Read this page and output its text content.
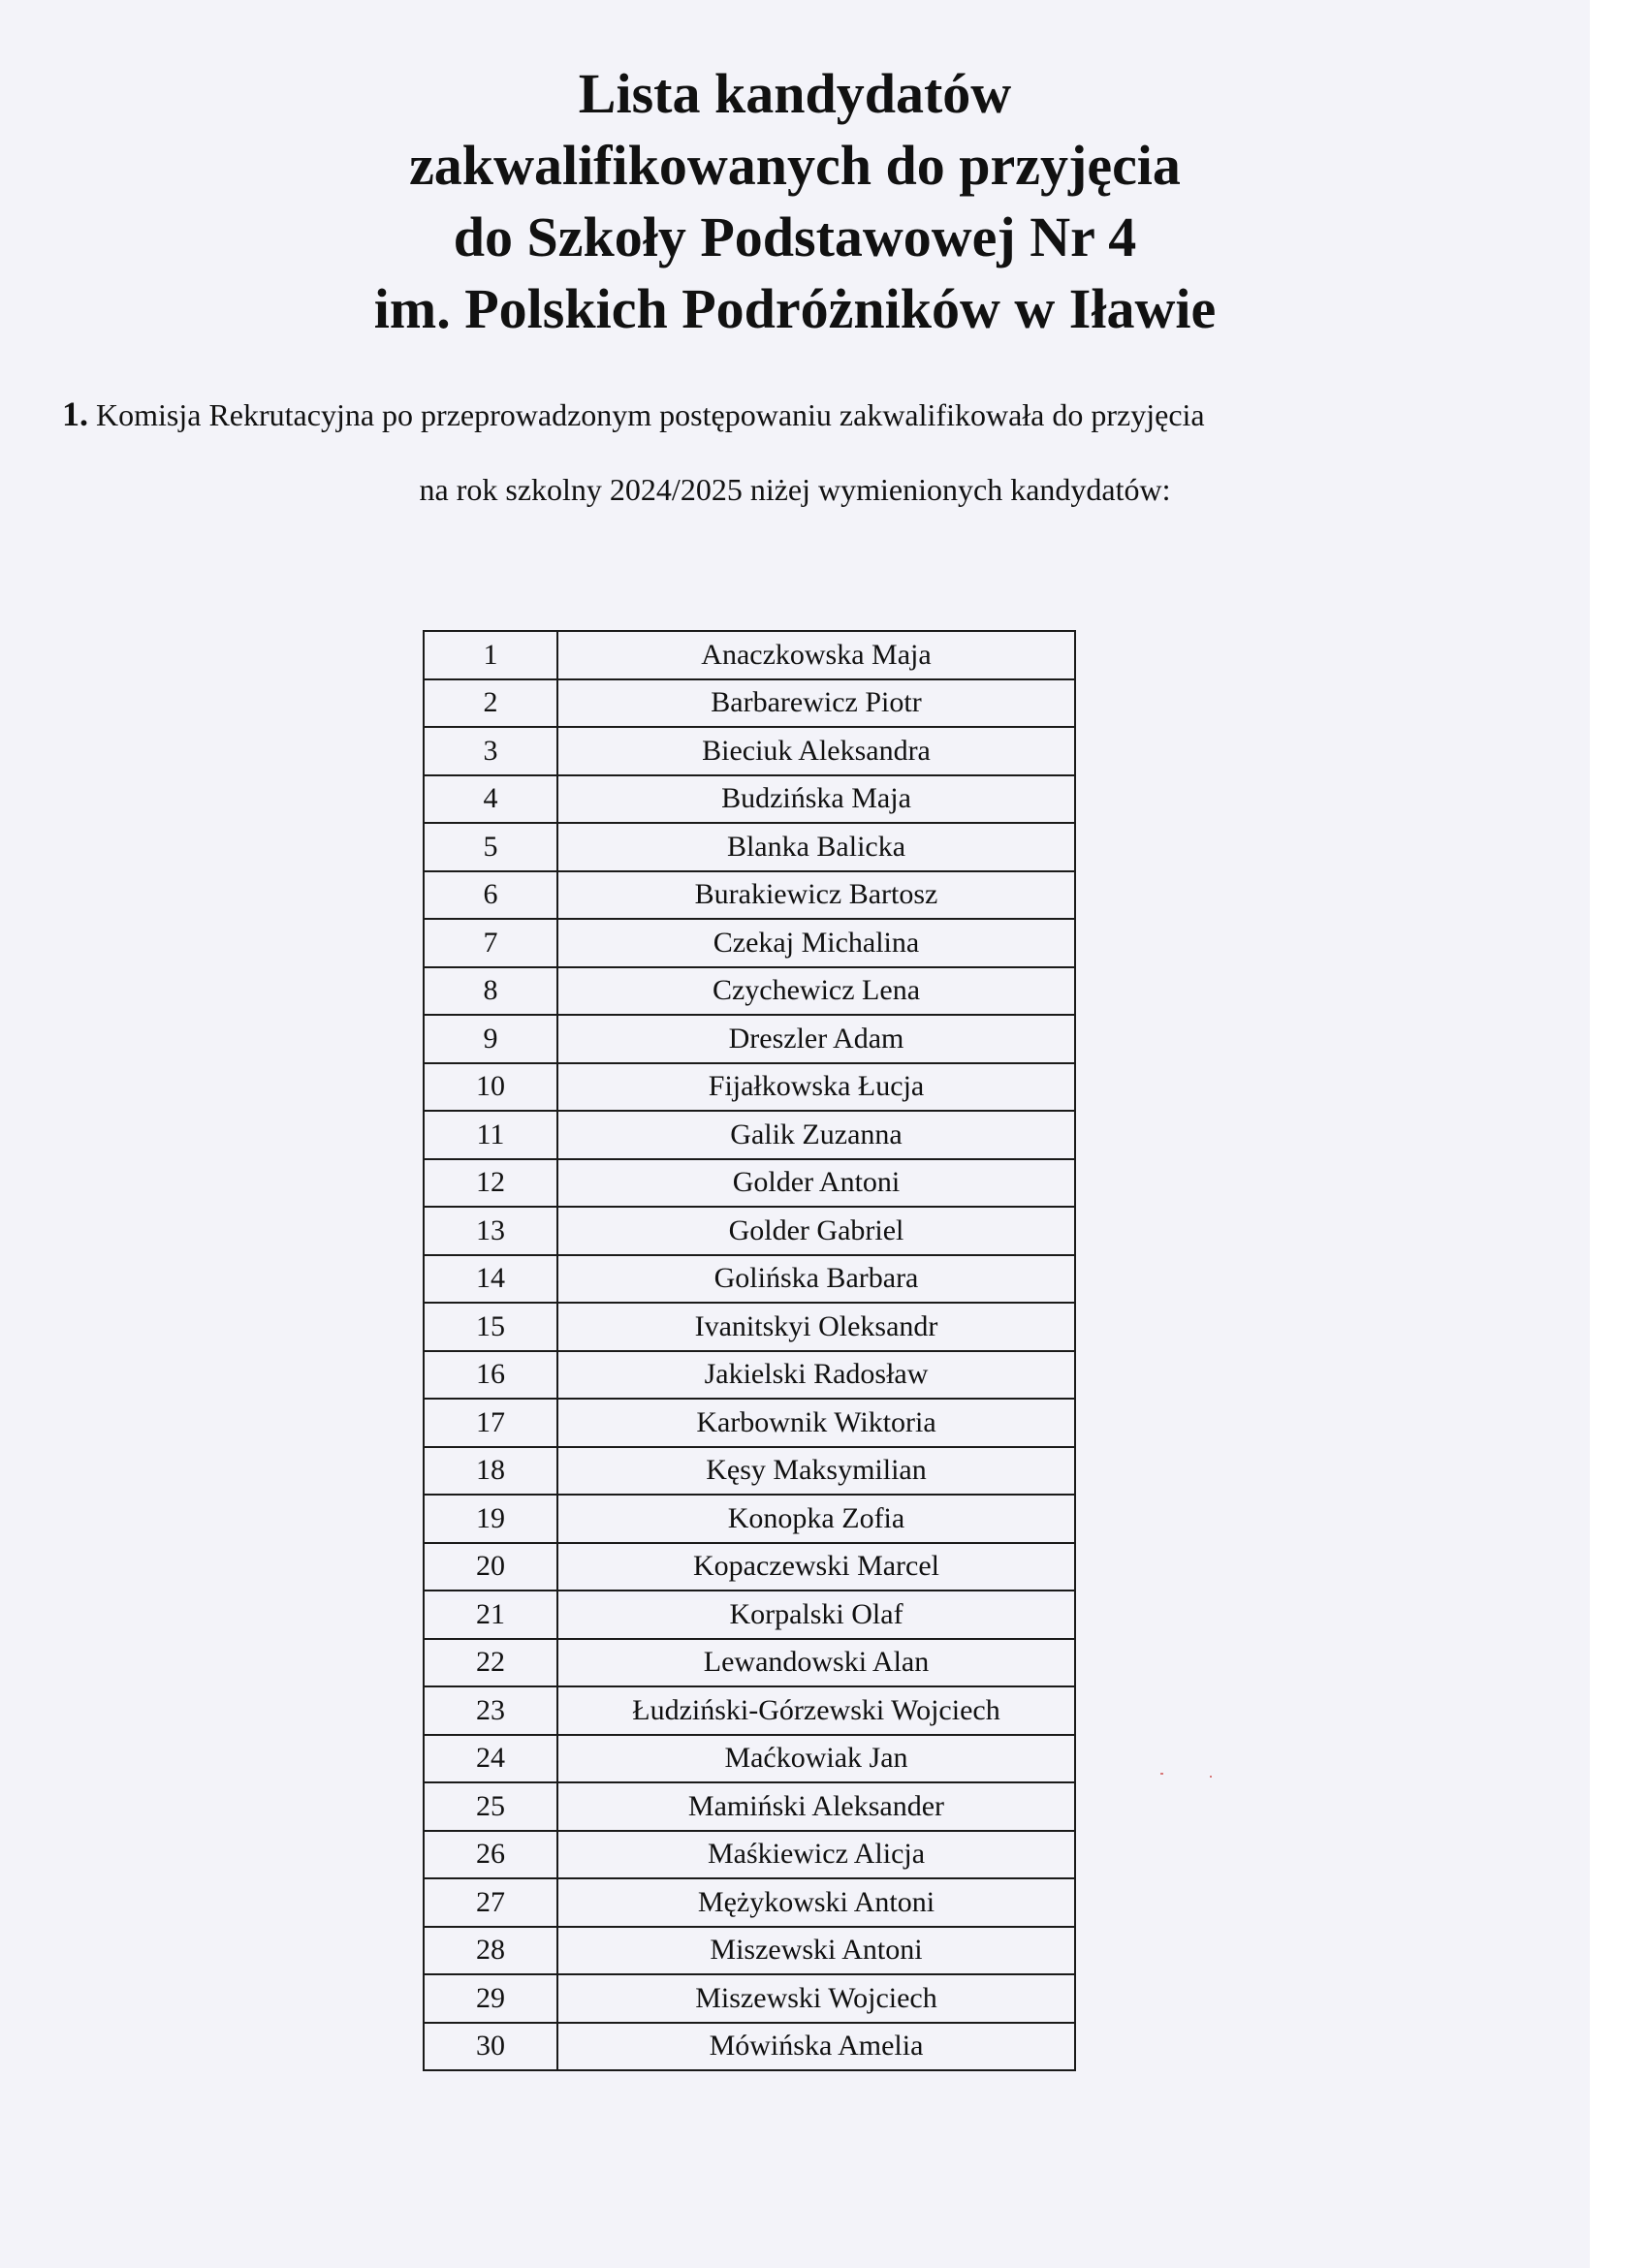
Lista kandydatów
zakwalifikowanych do przyjęcia
do Szkoły Podstawowej Nr 4
im. Polskich Podróżników w Iławie
1. Komisja Rekrutacyjna po przeprowadzonym postępowaniu zakwalifikowała do przyjęcia
na rok szkolny 2024/2025 niżej wymienionych kandydatów:
1	Anaczkowska Maja
2	Barbarewicz Piotr
3	Bieciuk Aleksandra
4	Budzińska Maja
5	Blanka Balicka
6	Burakiewicz Bartosz
7	Czekaj Michalina
8	Czychewicz Lena
9	Dreszler Adam
10	Fijałkowska Łucja
11	Galik Zuzanna
12	Golder Antoni
13	Golder Gabriel
14	Golińska Barbara
15	Ivanitskyi Oleksandr
16	Jakielski Radosław
17	Karbownik Wiktoria
18	Kęsy Maksymilian
19	Konopka Zofia
20	Kopaczewski Marcel
21	Korpalski Olaf
22	Lewandowski Alan
23	Łudziński-Górzewski Wojciech
24	Maćkowiak Jan
25	Mamiński Aleksander
26	Maśkiewicz Alicja
27	Mężykowski Antoni
28	Miszewski Antoni
29	Miszewski Wojciech
30	Mówińska Amelia
